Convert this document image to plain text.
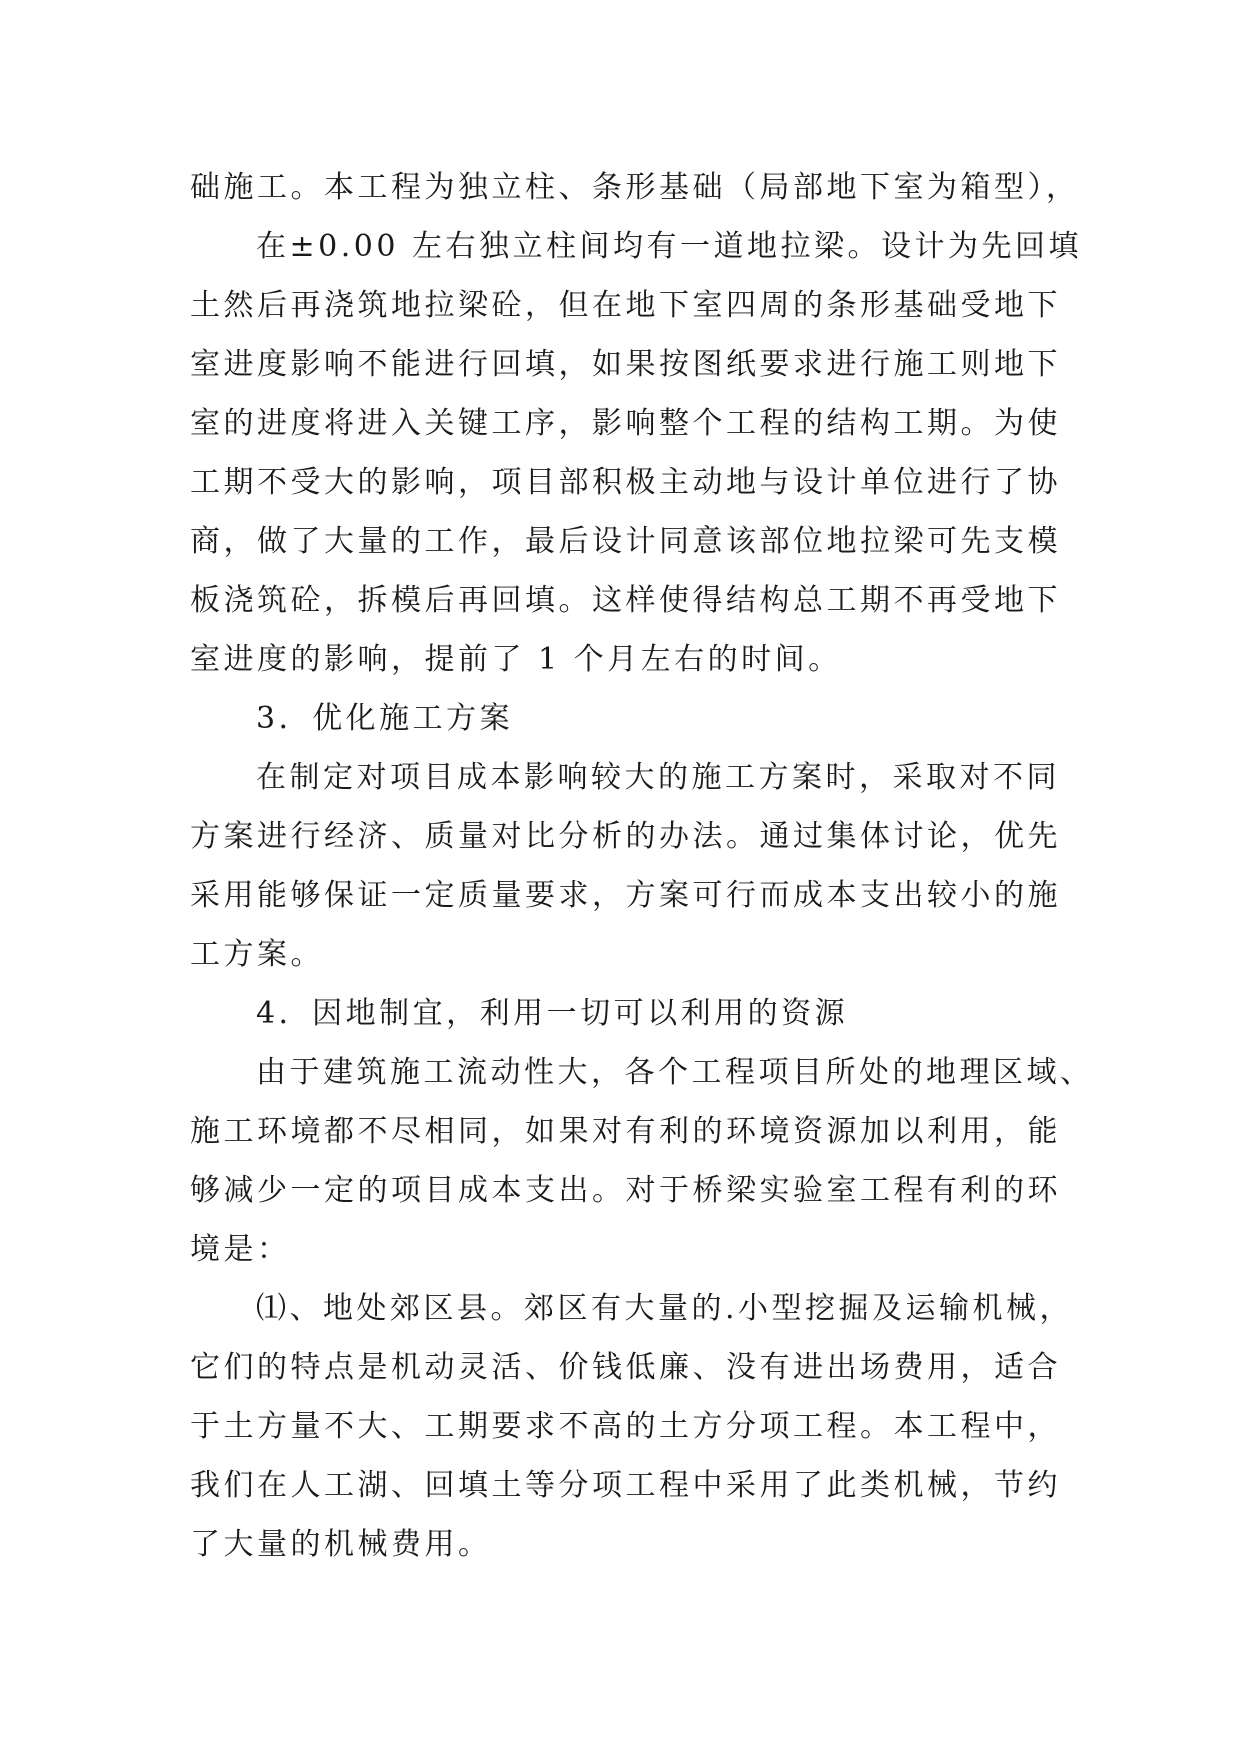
础施工。本工程为独立柱、条形基础（局部地下室为箱型），
在±0.00 左右独立柱间均有一道地拉梁。设计为先回填
土然后再浇筑地拉梁砼，但在地下室四周的条形基础受地下
室进度影响不能进行回填，如果按图纸要求进行施工则地下
室的进度将进入关键工序，影响整个工程的结构工期。为使
工期不受大的影响，项目部积极主动地与设计单位进行了协
商，做了大量的工作，最后设计同意该部位地拉梁可先支模
板浇筑砼，拆模后再回填。这样使得结构总工期不再受地下
室进度的影响，提前了 1 个月左右的时间。
3．优化施工方案
在制定对项目成本影响较大的施工方案时，采取对不同
方案进行经济、质量对比分析的办法。通过集体讨论，优先
采用能够保证一定质量要求，方案可行而成本支出较小的施
工方案。
4．因地制宜，利用一切可以利用的资源
由于建筑施工流动性大，各个工程项目所处的地理区域、
施工环境都不尽相同，如果对有利的环境资源加以利用，能
够减少一定的项目成本支出。对于桥梁实验室工程有利的环
境是：
⑴、地处郊区县。郊区有大量的.小型挖掘及运输机械，
它们的特点是机动灵活、价钱低廉、没有进出场费用，适合
于土方量不大、工期要求不高的土方分项工程。本工程中，
我们在人工湖、回填土等分项工程中采用了此类机械，节约
了大量的机械费用。
